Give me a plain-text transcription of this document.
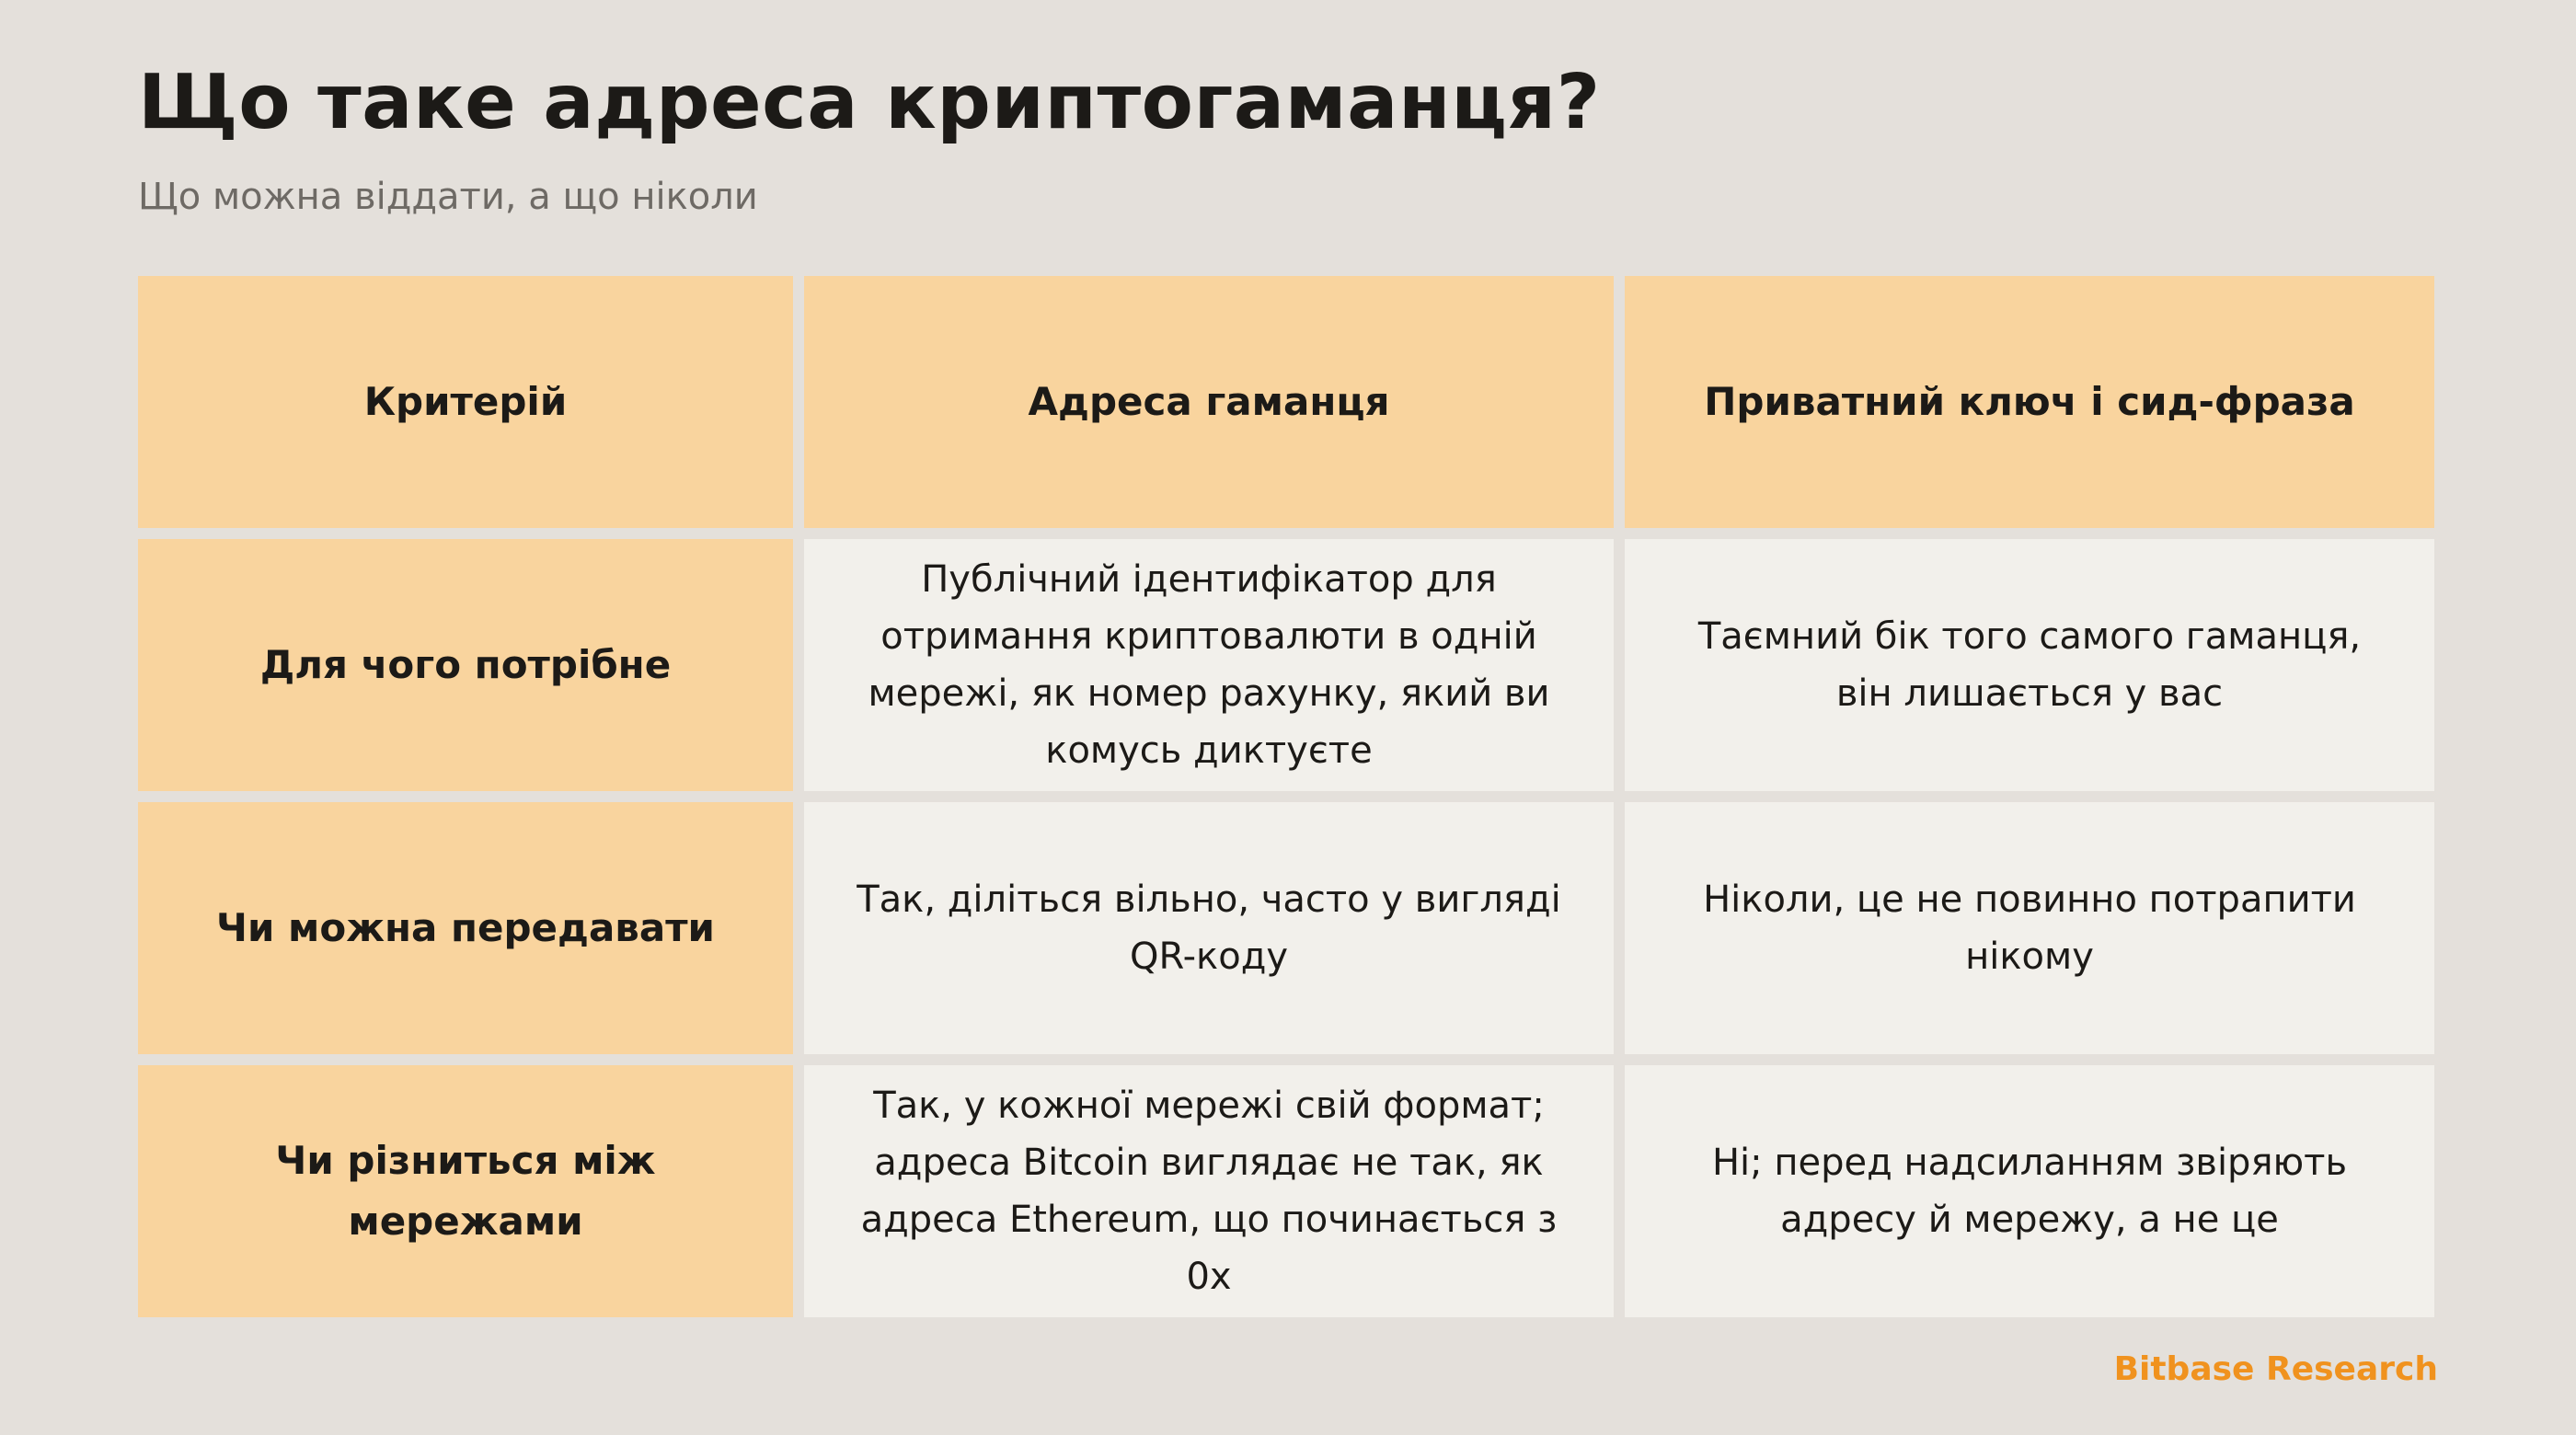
Що таке адреса криптогаманця?
Що можна віддати, а що ніколи
Критерій	Адреса гаманця	Приватний ключ і сид-фраза
Для чого потрібне
Публічний ідентифікатор для отримання криптовалюти в одній мережі, як номер рахунку, який ви комусь диктуєте
Таємний бік того самого гаманця, він лишається у вас
Чи можна передавати
Так, діліться вільно, часто у вигляді QR-коду
Ніколи, це не повинно потрапити нікому
Чи різниться між мережами
Так, у кожної мережі свій формат; адреса Bitcoin виглядає не так, як адреса Ethereum, що починається з 0x
Ні; перед надсиланням звіряють адресу й мережу, а не це
Bitbase Research
